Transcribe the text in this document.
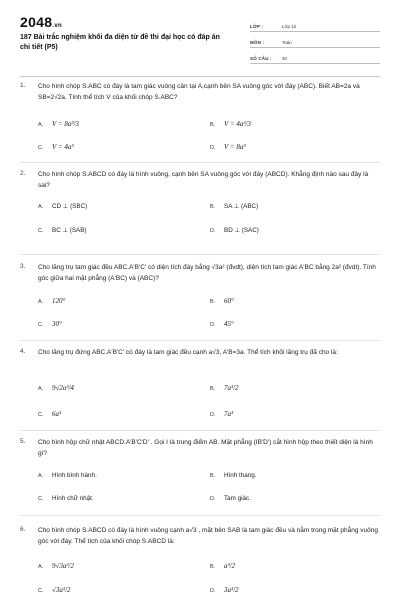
2048.vn
187 Bài trắc nghiệm khối đa diện từ đề thi đại học có đáp án chi tiết (P5)
LỚP :	Lớp 12
MÔN :	Toán
SỐ CÂU :	40
1. Cho hình chóp S.ABC có đáy là tam giác vuông cân tại A,cạnh bên SA vuông góc với đáy (ABC). Biết AB=2a và SB=2√2a. Tính thể tích V của khối chóp S.ABC?
A. V = 8a³/3	B. V = 4a³/3
C. V = 4a³	D. V = 8a³
2. Cho hình chóp S.ABCD có đáy là hình vuông, cạnh bên SA vuông góc với đáy (ABCD). Khẳng định nào sau đây là sai?
A. CD ⊥ (SBC)	B. SA ⊥ (ABC)
C. BC ⊥ (SAB)	D. BD ⊥ (SAC)
3. Cho lăng trụ tam giác đều ABC.A'B'C' có diện tích đáy bằng √3a² (đvdt), diện tích tam giác A'BC bằng 2a² (đvdt). Tính góc giữa hai mặt phẳng (A'BC) và (ABC)?
A. 120°	B. 60°
C. 30°	D. 45°
4. Cho lăng trụ đứng ABC.A'B'C' có đáy là tam giác đều cạnh a√3, A'B=3a. Thể tích khối lăng trụ đã cho là:
A. 9√2a³/4	B. 7a³/2
C. 6a³	D. 7a³
5. Cho hình hộp chữ nhật ABCD.A'B'C'D' . Gọi I là trung điểm AB. Mặt phẳng (IB'D') cắt hình hộp theo thiết diện là hình gì?
A. Hình bình hành.	B. Hình thang.
C. Hình chữ nhật.	D. Tam giác.
6. Cho hình chóp S.ABCD có đáy là hình vuông cạnh a√3 , mặt bên SAB là tam giác đều và nằm trong mặt phẳng vuông góc với đáy. Thể tích của khối chóp S.ABCD là:
A. 9√3a³/2	B. a³/2
C. √3a³/2	D. 3a³/2
